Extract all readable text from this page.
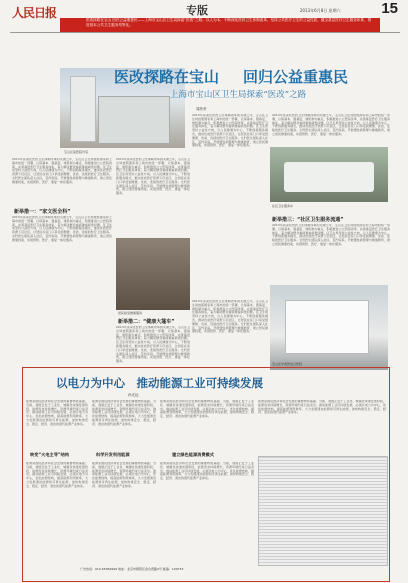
人民日报	专版	2013年6月8日 星期六	15
医改探路在宝山 回归公益重惠民——上海市宝山区卫生局探索“医改”之路。以人为本，不断深化医药卫生体制改革，坚持公共医疗卫生的公益性质，健全基层医疗卫生服务体系，推进基本公共卫生服务均等化。
宝山区某医院外景
医改探路在宝山 回归公益重惠民
上海市宝山区卫生局探索“医改”之路
周欣荣
2013年是深化医药卫生体制改革的关键之年，宝山区卫生局按照国家和上海市的统一部署，以保基本、强基层、建机制为重点，积极推进公立医院改革，完善基层医疗卫生服务体系，着力解决群众看病难看病贵问题。区卫生局坚持公益性方向，以人民健康为中心，不断创新服务模式，推动优质医疗资源下沉社区，让居民在家门口享受到便捷、优质、连续的医疗卫生服务。全科医生团队深入社区，签约家庭，开展慢性病管理与健康教育，建立居民健康档案，实现预防、医疗、康复一体化服务。
2013年是深化医药卫生体制改革的关键之年，宝山区卫生局按照国家和上海市的统一部署，以保基本、强基层、建机制为重点，积极推进公立医院改革，完善基层医疗卫生服务体系，着力解决群众看病难看病贵问题。区卫生局坚持公益性方向，以人民健康为中心，不断创新服务模式，推动优质医疗资源下沉社区，让居民在家门口享受到便捷、优质、连续的医疗卫生服务。全科医生团队深入社区，签约家庭，开展慢性病管理与健康教育，建立居民健康档案，实现预防、医疗、康复一体化服务。
社区卫生服务车
2013年是深化医药卫生体制改革的关键之年，宝山区卫生局按照国家和上海市的统一部署，以保基本、强基层、建机制为重点，积极推进公立医院改革，完善基层医疗卫生服务体系，着力解决群众看病难看病贵问题。区卫生局坚持公益性方向，以人民健康为中心，不断创新服务模式，推动优质医疗资源下沉社区，让居民在家门口享受到便捷、优质、连续的医疗卫生服务。全科医生团队深入社区，签约家庭，开展慢性病管理与健康教育，建立居民健康档案，实现预防、医疗、康复一体化服务。
新举措一：“家文医全科”
2013年是深化医药卫生体制改革的关键之年，宝山区卫生局按照国家和上海市的统一部署，以保基本、强基层、建机制为重点，积极推进公立医院改革，完善基层医疗卫生服务体系，着力解决群众看病难看病贵问题。区卫生局坚持公益性方向，以人民健康为中心，不断创新服务模式，推动优质医疗资源下沉社区，让居民在家门口享受到便捷、优质、连续的医疗卫生服务。全科医生团队深入社区，签约家庭，开展慢性病管理与健康教育，建立居民健康档案，实现预防、医疗、康复一体化服务。
2013年是深化医药卫生体制改革的关键之年，宝山区卫生局按照国家和上海市的统一部署，以保基本、强基层、建机制为重点，积极推进公立医院改革，完善基层医疗卫生服务体系，着力解决群众看病难看病贵问题。区卫生局坚持公益性方向，以人民健康为中心，不断创新服务模式，推动优质医疗资源下沉社区，让居民在家门口享受到便捷、优质、连续的医疗卫生服务。全科医生团队深入社区，签约家庭，开展慢性病管理与健康教育，建立居民健康档案，实现预防、医疗、康复一体化服务。
居民接受健康服务
新举措二：“健康大篷车”
2013年是深化医药卫生体制改革的关键之年，宝山区卫生局按照国家和上海市的统一部署，以保基本、强基层、建机制为重点，积极推进公立医院改革，完善基层医疗卫生服务体系，着力解决群众看病难看病贵问题。区卫生局坚持公益性方向，以人民健康为中心，不断创新服务模式，推动优质医疗资源下沉社区，让居民在家门口享受到便捷、优质、连续的医疗卫生服务。全科医生团队深入社区，签约家庭，开展慢性病管理与健康教育，建立居民健康档案，实现预防、医疗、康复一体化服务。
新举措三：“社区卫生服务流通”
2013年是深化医药卫生体制改革的关键之年，宝山区卫生局按照国家和上海市的统一部署，以保基本、强基层、建机制为重点，积极推进公立医院改革，完善基层医疗卫生服务体系，着力解决群众看病难看病贵问题。区卫生局坚持公益性方向，以人民健康为中心，不断创新服务模式，推动优质医疗资源下沉社区，让居民在家门口享受到便捷、优质、连续的医疗卫生服务。全科医生团队深入社区，签约家庭，开展慢性病管理与健康教育，建立居民健康档案，实现预防、医疗、康复一体化服务。
2013年是深化医药卫生体制改革的关键之年，宝山区卫生局按照国家和上海市的统一部署，以保基本、强基层、建机制为重点，积极推进公立医院改革，完善基层医疗卫生服务体系，着力解决群众看病难看病贵问题。区卫生局坚持公益性方向，以人民健康为中心，不断创新服务模式，推动优质医疗资源下沉社区，让居民在家门口享受到便捷、优质、连续的医疗卫生服务。全科医生团队深入社区，签约家庭，开展慢性病管理与健康教育，建立居民健康档案，实现预防、医疗、康复一体化服务。
宝山区中西医结合医院
以电力为中心　推动能源工业可持续发展
孙光远
能源是国民经济和社会发展的重要物质基础。当前，我国正处于工业化、城镇化快速发展阶段，能源需求持续增长，资源环境约束日益突出。推动能源工业可持续发展，必须以电力为中心，优化能源结构，提高能源利用效率，大力发展清洁能源和可再生能源，加快构建安全、稳定、经济、清洁的现代能源产业体系。
转变“火电主导”结构
能源是国民经济和社会发展的重要物质基础。当前，我国正处于工业化、城镇化快速发展阶段，能源需求持续增长，资源环境约束日益突出。推动能源工业可持续发展，必须以电力为中心，优化能源结构，提高能源利用效率，大力发展清洁能源和可再生能源，加快构建安全、稳定、经济、清洁的现代能源产业体系。
能源是国民经济和社会发展的重要物质基础。当前，我国正处于工业化、城镇化快速发展阶段，能源需求持续增长，资源环境约束日益突出。推动能源工业可持续发展，必须以电力为中心，优化能源结构，提高能源利用效率，大力发展清洁能源和可再生能源，加快构建安全、稳定、经济、清洁的现代能源产业体系。
科学开发利用能源
能源是国民经济和社会发展的重要物质基础。当前，我国正处于工业化、城镇化快速发展阶段，能源需求持续增长，资源环境约束日益突出。推动能源工业可持续发展，必须以电力为中心，优化能源结构，提高能源利用效率，大力发展清洁能源和可再生能源，加快构建安全、稳定、经济、清洁的现代能源产业体系。
能源是国民经济和社会发展的重要物质基础。当前，我国正处于工业化、城镇化快速发展阶段，能源需求持续增长，资源环境约束日益突出。推动能源工业可持续发展，必须以电力为中心，优化能源结构，提高能源利用效率，大力发展清洁能源和可再生能源，加快构建安全、稳定、经济、清洁的现代能源产业体系。
建立绿色能源消费模式
能源是国民经济和社会发展的重要物质基础。当前，我国正处于工业化、城镇化快速发展阶段，能源需求持续增长，资源环境约束日益突出。推动能源工业可持续发展，必须以电力为中心，优化能源结构，提高能源利用效率，大力发展清洁能源和可再生能源，加快构建安全、稳定、经济、清洁的现代能源产业体系。
能源是国民经济和社会发展的重要物质基础。当前，我国正处于工业化、城镇化快速发展阶段，能源需求持续增长，资源环境约束日益突出。推动能源工业可持续发展，必须以电力为中心，优化能源结构，提高能源利用效率，大力发展清洁能源和可再生能源，加快构建安全、稳定、经济、清洁的现代能源产业体系。
广告热线：010-65369999 地址：北京市朝阳区金台西路2号 邮编：100733
